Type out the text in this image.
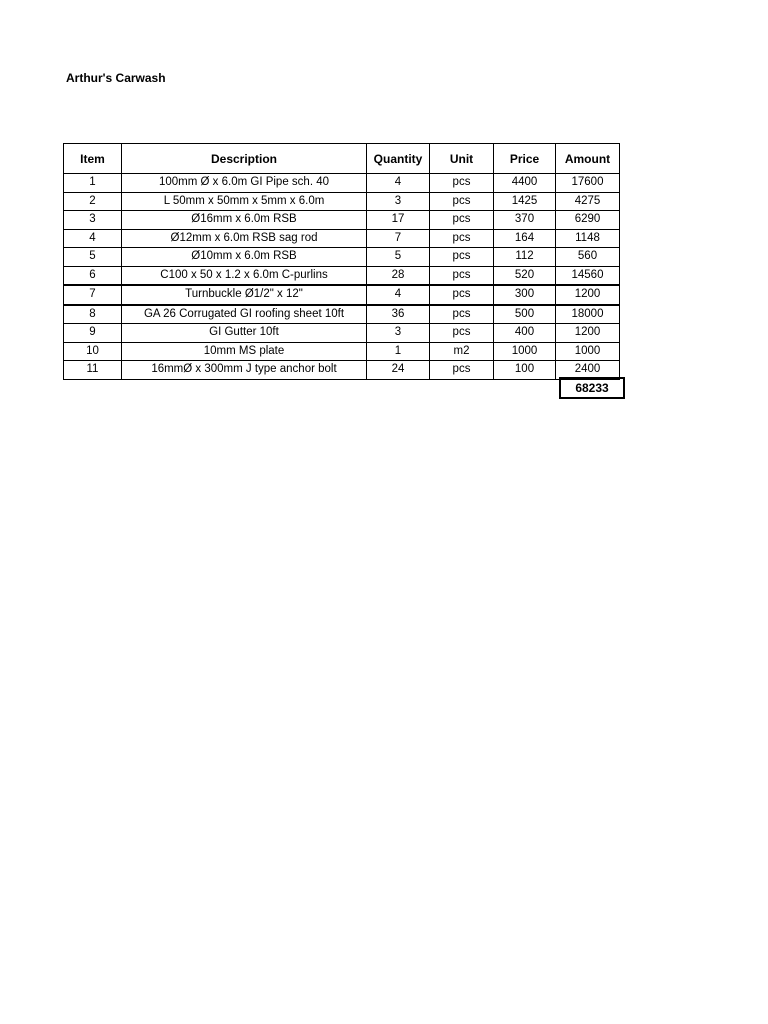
Arthur's Carwash
Item	Description	Quantity	Unit	Price	Amount
1	100mm Ø x 6.0m GI Pipe sch. 40	4	pcs	4400	17600
2	L 50mm x 50mm x 5mm x 6.0m	3	pcs	1425	4275
3	Ø16mm x 6.0m RSB	17	pcs	370	6290
4	Ø12mm x 6.0m RSB sag rod	7	pcs	164	1148
5	Ø10mm x 6.0m RSB	5	pcs	112	560
6	C100 x 50 x 1.2 x 6.0m C-purlins	28	pcs	520	14560
7	Turnbuckle Ø1/2" x 12"	4	pcs	300	1200
8	GA 26 Corrugated GI roofing sheet 10ft	36	pcs	500	18000
9	GI Gutter 10ft	3	pcs	400	1200
10	10mm MS plate	1	m2	1000	1000
11	16mmØ x 300mm J type anchor bolt	24	pcs	100	2400
68233
